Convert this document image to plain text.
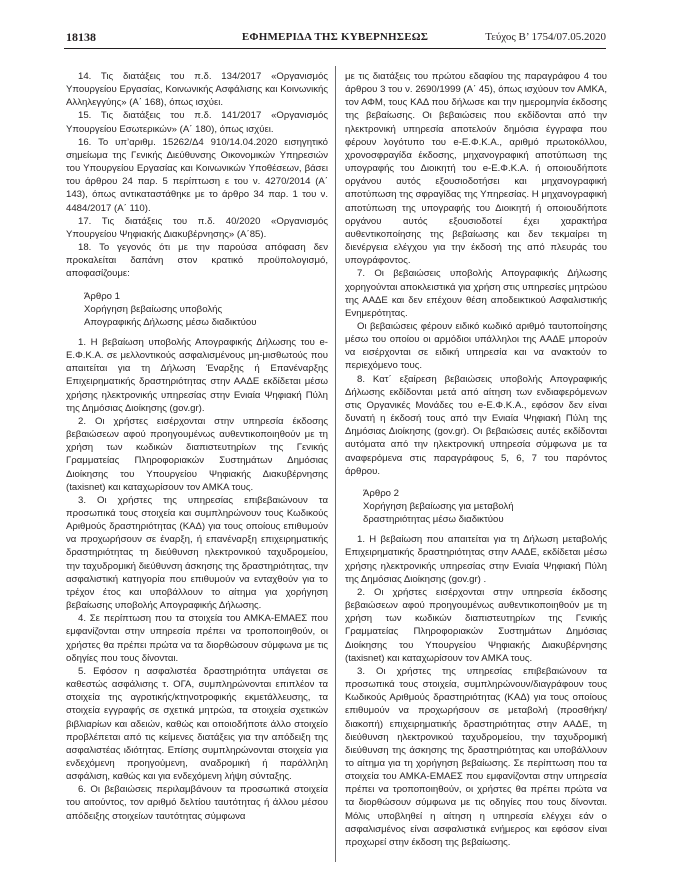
18138	ΕΦΗΜΕΡΙΔΑ ΤΗΣ ΚΥΒΕΡΝΗΣΕΩΣ	Τεύχος B’ 1754/07.05.2020

14. Τις διατάξεις του π.δ. 134/2017 «Οργανισμός Υπουργείου Εργασίας, Κοινωνικής Ασφάλισης και Κοινωνικής Αλληλεγγύης» (Α΄ 168), όπως ισχύει.

15. Τις διατάξεις του π.δ. 141/2017 «Οργανισμός Υπουργείου Εσωτερικών» (Α΄ 180), όπως ισχύει.

16. Το υπ’αριθμ. 15262/Δ4 910/14.04.2020 εισηγητικό σημείωμα της Γενικής Διεύθυνσης Οικονομικών Υπηρεσιών του Υπουργείου Εργασίας και Κοινωνικών Υποθέσεων, βάσει του άρθρου 24 παρ. 5 περίπτωση ε του ν. 4270/2014 (Α΄ 143), όπως αντικαταστάθηκε με το άρθρο 34 παρ. 1 του ν. 4484/2017 (Α΄ 110).

17. Τις διατάξεις του π.δ. 40/2020 «Οργανισμός Υπουργείου Ψηφιακής Διακυβέρνησης» (Α΄85).

18. Το γεγονός ότι με την παρούσα απόφαση δεν προκαλείται δαπάνη στον κρατικό προϋπολογισμό, αποφασίζουμε:

Άρθρο 1
Χορήγηση βεβαίωσης υποβολής
Απογραφικής Δήλωσης μέσω διαδικτύου

1. Η βεβαίωση υποβολής Απογραφικής Δήλωσης του e-Ε.Φ.Κ.Α. σε μελλοντικούς ασφαλισμένους μη-μισθωτούς που απαιτείται για τη Δήλωση Έναρξης ή Επανέναρξης Επιχειρηματικής δραστηριότητας στην ΑΑΔΕ εκδίδεται μέσω χρήσης ηλεκτρονικής υπηρεσίας στην Ενιαία Ψηφιακή Πύλη της Δημόσιας Διοίκησης (gov.gr).

2. Οι χρήστες εισέρχονται στην υπηρεσία έκδοσης βεβαιώσεων αφού προηγουμένως αυθεντικοποιηθούν με τη χρήση των κωδικών διαπιστευτηρίων της Γενικής Γραμματείας Πληροφοριακών Συστημάτων Δημόσιας Διοίκησης του Υπουργείου Ψηφιακής Διακυβέρνησης (taxisnet) και καταχωρίσουν τον ΑΜΚΑ τους.

3. Οι χρήστες της υπηρεσίας επιβεβαιώνουν τα προσωπικά τους στοιχεία και συμπληρώνουν τους Κωδικούς Αριθμούς δραστηριότητας (ΚΑΔ) για τους οποίους επιθυμούν να προχωρήσουν σε έναρξη, ή επανέναρξη επιχειρηματικής δραστηριότητας τη διεύθυνση ηλεκτρονικού ταχυδρομείου, την ταχυδρομική διεύθυνση άσκησης της δραστηριότητας, την ασφαλιστική κατηγορία που επιθυμούν να ενταχθούν για το τρέχον έτος και υποβάλλουν το αίτημα για χορήγηση βεβαίωσης υποβολής Απογραφικής Δήλωσης.

4. Σε περίπτωση που τα στοιχεία του ΑΜΚΑ-ΕΜΑΕΣ που εμφανίζονται στην υπηρεσία πρέπει να τροποποιηθούν, οι χρήστες θα πρέπει πρώτα να τα διορθώσουν σύμφωνα με τις οδηγίες που τους δίνονται.

5. Εφόσον η ασφαλιστέα δραστηριότητα υπάγεται σε καθεστώς ασφάλισης τ. ΟΓΑ, συμπληρώνονται επιπλέον τα στοιχεία της αγροτικής/κτηνοτροφικής εκμετάλλευσης, τα στοιχεία εγγραφής σε σχετικά μητρώα, τα στοιχεία σχετικών βιβλιαρίων και αδειών, καθώς και οποιοδήποτε άλλο στοιχείο προβλέπεται από τις κείμενες διατάξεις για την απόδειξη της ασφαλιστέας ιδιότητας. Επίσης συμπληρώνονται στοιχεία για ενδεχόμενη προηγούμενη, αναδρομική ή παράλληλη ασφάλιση, καθώς και για ενδεχόμενη λήψη σύνταξης.

6. Οι βεβαιώσεις περιλαμβάνουν τα προσωπικά στοιχεία του αιτούντος, τον αριθμό δελτίου ταυτότητας ή άλλου μέσου απόδειξης στοιχείων ταυτότητας σύμφωνα

με τις διατάξεις του πρώτου εδαφίου της παραγράφου 4 του άρθρου 3 του ν. 2690/1999 (Α΄ 45), όπως ισχύουν τον ΑΜΚΑ, τον ΑΦΜ, τους ΚΑΔ που δήλωσε και την ημερομηνία έκδοσης της βεβαίωσης. Οι βεβαιώσεις που εκδίδονται από την ηλεκτρονική υπηρεσία αποτελούν δημόσια έγγραφα που φέρουν λογότυπο του e-Ε.Φ.Κ.Α., αριθμό πρωτοκόλλου, χρονοσφραγίδα έκδοσης, μηχανογραφική αποτύπωση της υπογραφής του Διοικητή του e-Ε.Φ.Κ.Α. ή οποιουδήποτε οργάνου αυτός εξουσιοδοτήσει και μηχανογραφική αποτύπωση της σφραγίδας της Υπηρεσίας. Η μηχανογραφική αποτύπωση της υπογραφής του Διοικητή ή οποιουδήποτε οργάνου αυτός εξουσιοδοτεί έχει χαρακτήρα αυθεντικοποίησης της βεβαίωσης και δεν τεκμαίρει τη διενέργεια ελέγχου για την έκδοσή της από πλευράς του υπογράφοντος.

7. Οι βεβαιώσεις υποβολής Απογραφικής Δήλωσης χορηγούνται αποκλειστικά για χρήση στις υπηρεσίες μητρώου της ΑΑΔΕ και δεν επέχουν θέση αποδεικτικού Ασφαλιστικής Ενημερότητας.

Οι βεβαιώσεις φέρουν ειδικό κωδικό αριθμό ταυτοποίησης μέσω του οποίου οι αρμόδιοι υπάλληλοι της ΑΑΔΕ μπορούν να εισέρχονται σε ειδική υπηρεσία και να ανακτούν το περιεχόμενο τους.

8. Κατ΄ εξαίρεση βεβαιώσεις υποβολής Απογραφικής Δήλωσης εκδίδονται μετά από αίτηση των ενδιαφερόμενων στις Οργανικές Μονάδες του e-Ε.Φ.Κ.Α., εφόσον δεν είναι δυνατή η έκδοσή τους από την Ενιαία Ψηφιακή Πύλη της Δημόσιας Διοίκησης (gov.gr). Οι βεβαιώσεις αυτές εκδίδονται αυτόματα από την ηλεκτρονική υπηρεσία σύμφωνα με τα αναφερόμενα στις παραγράφους 5, 6, 7 του παρόντος άρθρου.

Άρθρο 2
Χορήγηση βεβαίωσης για μεταβολή
δραστηριότητας μέσω διαδικτύου

1. Η βεβαίωση που απαιτείται για τη Δήλωση μεταβολής Επιχειρηματικής δραστηριότητας στην ΑΑΔΕ, εκδίδεται μέσω χρήσης ηλεκτρονικής υπηρεσίας στην Ενιαία Ψηφιακή Πύλη της Δημόσιας Διοίκησης (gov.gr) .

2. Οι χρήστες εισέρχονται στην υπηρεσία έκδοσης βεβαιώσεων αφού προηγουμένως αυθεντικοποιηθούν με τη χρήση των κωδικών διαπιστευτηρίων της Γενικής Γραμματείας Πληροφοριακών Συστημάτων Δημόσιας Διοίκησης του Υπουργείου Ψηφιακής Διακυβέρνησης (taxisnet) και καταχωρίσουν τον ΑΜΚΑ τους.

3. Οι χρήστες της υπηρεσίας επιβεβαιώνουν τα προσωπικά τους στοιχεία, συμπληρώνουν/διαγράφουν τους Κωδικούς Αριθμούς δραστηριότητας (ΚΑΔ) για τους οποίους επιθυμούν να προχωρήσουν σε μεταβολή (προσθήκη/διακοπή) επιχειρηματικής δραστηριότητας στην ΑΑΔΕ, τη διεύθυνση ηλεκτρονικού ταχυδρομείου, την ταχυδρομική διεύθυνση της άσκησης της δραστηριότητας και υποβάλλουν το αίτημα για τη χορήγηση βεβαίωσης. Σε περίπτωση που τα στοιχεία του ΑΜΚΑ-ΕΜΑΕΣ που εμφανίζονται στην υπηρεσία πρέπει να τροποποιηθούν, οι χρήστες θα πρέπει πρώτα να τα διορθώσουν σύμφωνα με τις οδηγίες που τους δίνονται. Μόλις υποβληθεί η αίτηση η υπηρεσία ελέγχει εάν ο ασφαλισμένος είναι ασφαλιστικά ενήμερος και εφόσον είναι προχωρεί στην έκδοση της βεβαίωσης.
